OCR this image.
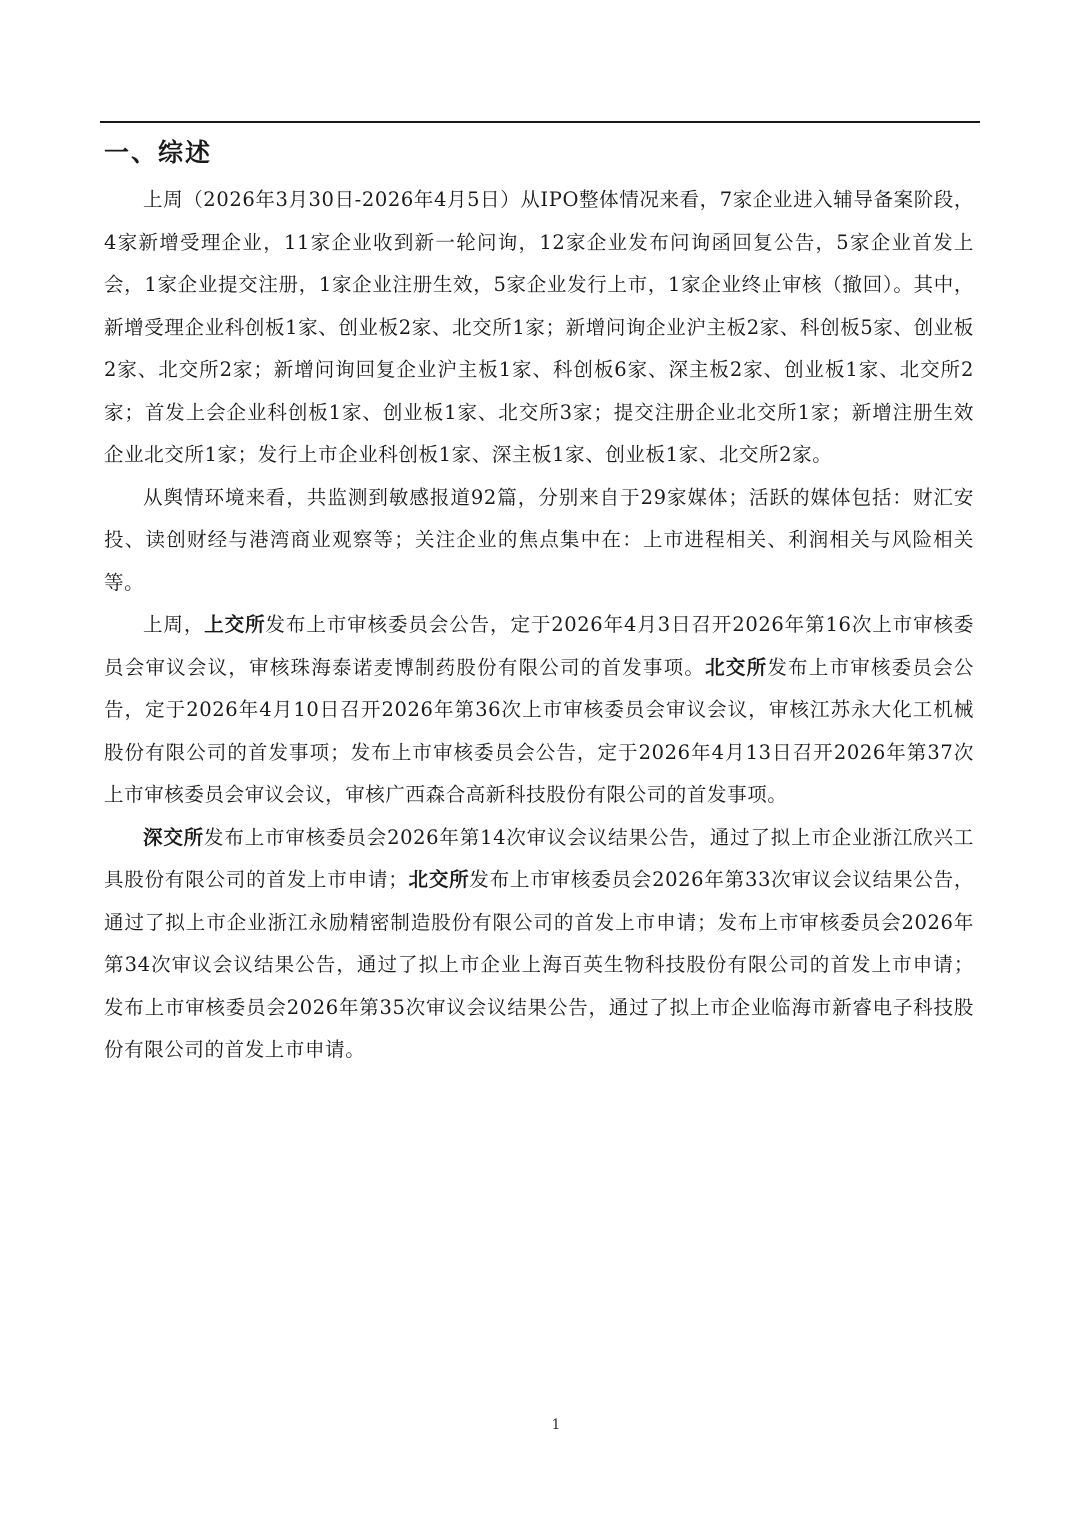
一、综述

上周（2026年3月30日-2026年4月5日）从IPO整体情况来看，7家企业进入辅导备案阶段，4家新增受理企业，11家企业收到新一轮问询，12家企业发布问询函回复公告，5家企业首发上会，1家企业提交注册，1家企业注册生效，5家企业发行上市，1家企业终止审核（撤回）。其中，新增受理企业科创板1家、创业板2家、北交所1家；新增问询企业沪主板2家、科创板5家、创业板2家、北交所2家；新增问询回复企业沪主板1家、科创板6家、深主板2家、创业板1家、北交所2家；首发上会企业科创板1家、创业板1家、北交所3家；提交注册企业北交所1家；新增注册生效企业北交所1家；发行上市企业科创板1家、深主板1家、创业板1家、北交所2家。

从舆情环境来看，共监测到敏感报道92篇，分别来自于29家媒体；活跃的媒体包括：财汇安投、读创财经与港湾商业观察等；关注企业的焦点集中在：上市进程相关、利润相关与风险相关等。

上周，上交所发布上市审核委员会公告，定于2026年4月3日召开2026年第16次上市审核委员会审议会议，审核珠海泰诺麦博制药股份有限公司的首发事项。北交所发布上市审核委员会公告，定于2026年4月10日召开2026年第36次上市审核委员会审议会议，审核江苏永大化工机械股份有限公司的首发事项；发布上市审核委员会公告，定于2026年4月13日召开2026年第37次上市审核委员会审议会议，审核广西森合高新科技股份有限公司的首发事项。

深交所发布上市审核委员会2026年第14次审议会议结果公告，通过了拟上市企业浙江欣兴工具股份有限公司的首发上市申请；北交所发布上市审核委员会2026年第33次审议会议结果公告，通过了拟上市企业浙江永励精密制造股份有限公司的首发上市申请；发布上市审核委员会2026年第34次审议会议结果公告，通过了拟上市企业上海百英生物科技股份有限公司的首发上市申请；发布上市审核委员会2026年第35次审议会议结果公告，通过了拟上市企业临海市新睿电子科技股份有限公司的首发上市申请。

1
